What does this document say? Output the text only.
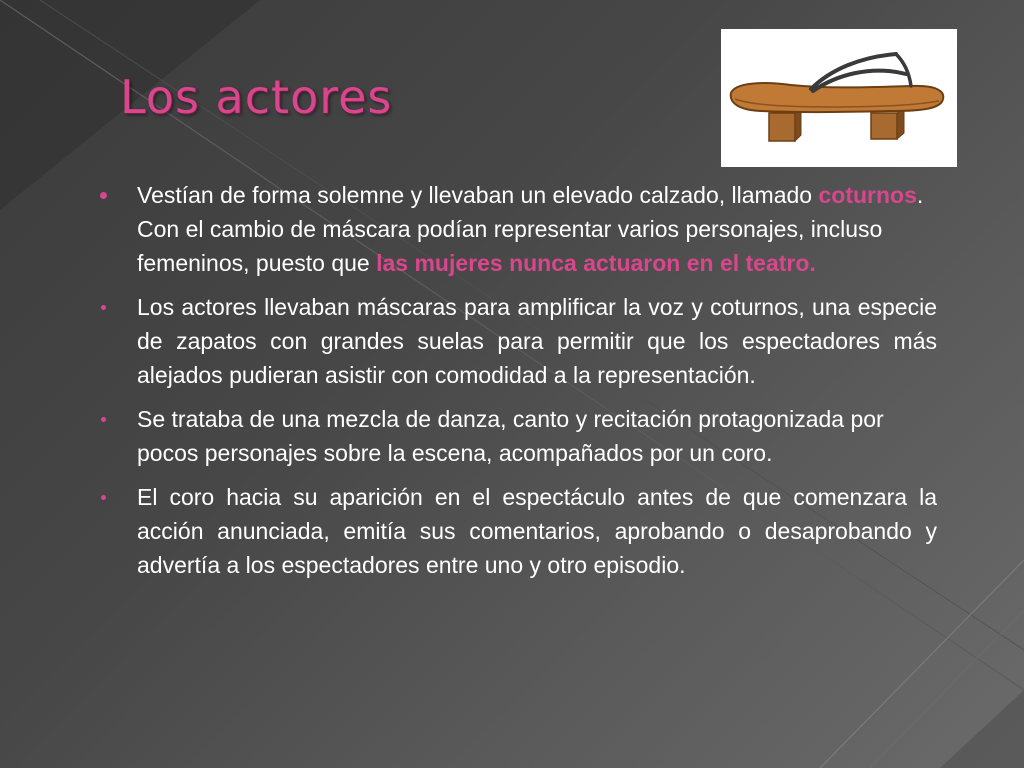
Los actores
Vestían de forma solemne y llevaban un elevado calzado, llamado coturnos. Con el cambio de máscara podían representar varios personajes, incluso femeninos, puesto que las mujeres nunca actuaron en el teatro.
Los actores llevaban máscaras para amplificar la voz y coturnos, una especie de zapatos con grandes suelas para permitir que los espectadores más alejados pudieran asistir con comodidad a la representación.
Se trataba de una mezcla de danza, canto y recitación protagonizada por pocos personajes sobre la escena, acompañados por un coro.
El coro hacia su aparición en el espectáculo antes de que comenzara la acción anunciada, emitía sus comentarios, aprobando o desaprobando y advertía a los espectadores entre uno y otro episodio.
